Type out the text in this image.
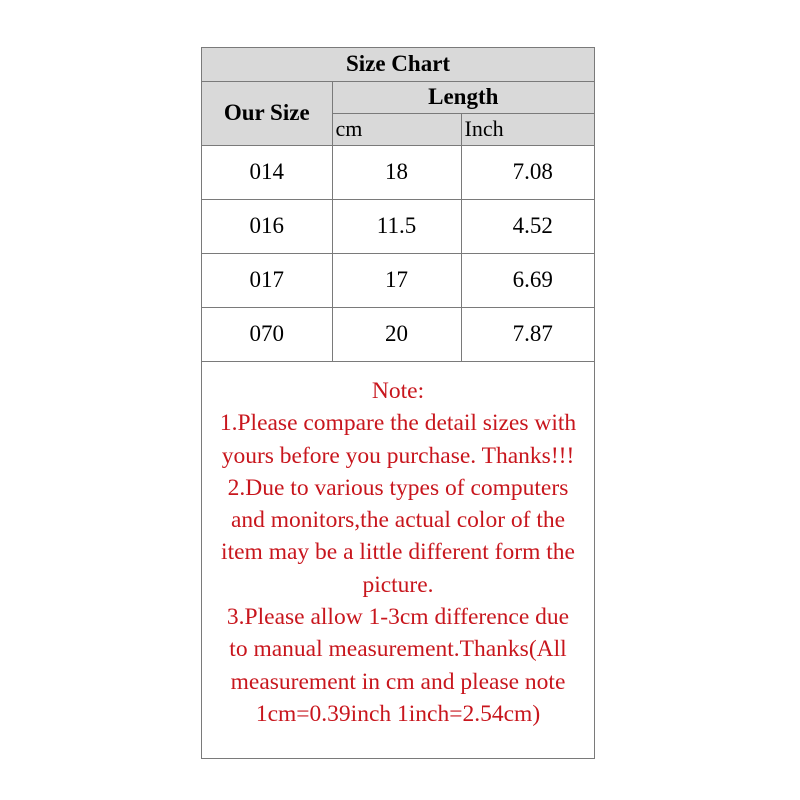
Size Chart		
Our Size	Length	
	cm	Inch
014	18	7.08
016	11.5	4.52
017	17	6.69
070	20	7.87
Note:
1.Please compare the detail sizes with
yours before you purchase. Thanks!!!
2.Due to various types of computers
and monitors,the actual color of the
item may be a little different form the
picture.
3.Please allow 1-3cm difference due
to manual measurement.Thanks(All
measurement in cm and please note
1cm=0.39inch 1inch=2.54cm)
